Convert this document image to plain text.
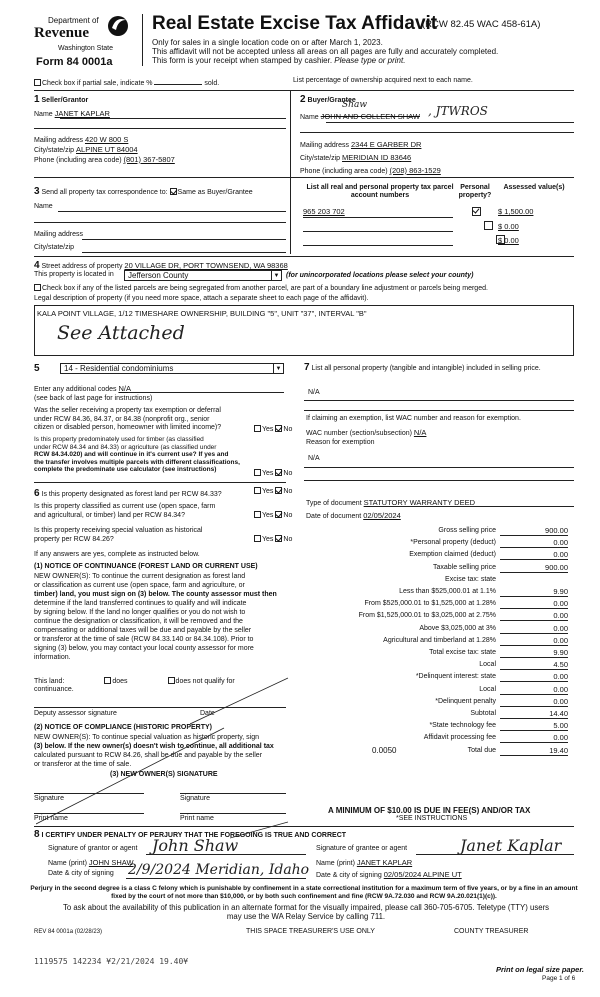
Department of
Revenue
Washington State
Form 84 0001a
Real Estate Excise Tax Affidavit
(RCW 82.45 WAC 458-61A)
Only for sales in a single location code on or after March 1, 2023.
This affidavit will not be accepted unless all areas on all pages are fully and accurately completed.
This form is your receipt when stamped by cashier. Please type or print.
Check box if partial sale, indicate %	sold.	List percentage of ownership acquired next to each name.
1 Seller/Grantor
Name JANET KAPLAR
Mailing address 420 W 800 S
City/state/zip ALPINE UT 84004
Phone (including area code) (801) 367-5807
2 Buyer/Grantee
Shaw
Name JOHN AND COLLEEN SHAW , JTWROS
Mailing address 2344 E GARBER DR
City/state/zip MERIDIAN ID 83646
Phone (including area code) (208) 863-1529
3 Send all property tax correspondence to: Same as Buyer/Grantee
Name
Mailing address
City/state/zip
List all real and personal property tax parcel account numbers
Personal property?
Assessed value(s)
965 203 702
	$ 1,500.00
$ 0.00
$ 0.00
4 Street address of property 20 VILLAGE DR, PORT TOWNSEND, WA 98368
This property is located in	Jefferson County	▼ (for unincorporated locations please select your county)
Check box if any of the listed parcels are being segregated from another parcel, are part of a boundary line adjustment or parcels being merged.
Legal description of property (if you need more space, attach a separate sheet to each page of the affidavit).
KALA POINT VILLAGE, 1/12 TIMESHARE OWNERSHIP, BUILDING "5", UNIT "37", INTERVAL "B"
See Attached
5	14 - Residential condominiums	▼
Enter any additional codes N/A
(see back of last page for instructions)
Was the seller receiving a property tax exemption or deferral
under RCW 84.36, 84.37, or 84.38 (nonprofit org., senior
citizen or disabled person, homeowner with limited income)?	Yes No
Is this property predominately used for timber (as classified
under RCW 84.34 and 84.33) or agriculture (as classified under
RCW 84.34.020) and will continue in it's current use? If yes and
the transfer involves multiple parcels with different classifications,
complete the predominate use calculator (see instructions)
Yes No
6 Is this property designated as forest land per RCW 84.33?	Yes No
Is this property classified as current use (open space, farm
and agricultural, or timber) land per RCW 84.34?	Yes No
Is this property receiving special valuation as historical
property per RCW 84.26?	Yes No
If any answers are yes, complete as instructed below.
(1) NOTICE OF CONTINUANCE (FOREST LAND OR CURRENT USE)
NEW OWNER(S): To continue the current designation as forest land
or classification as current use (open space, farm and agriculture, or
timber) land, you must sign on (3) below. The county assessor must then
determine if the land transferred continues to qualify and will indicate
by signing below. If the land no longer qualifies or you do not wish to
continue the designation or classification, it will be removed and the
compensating or additional taxes will be due and payable by the seller
or transferor at the time of sale (RCW 84.33.140 or 84.34.108). Prior to
signing (3) below, you may contact your local county assessor for more
information.
This land:	does	does not qualify for
continuance.
Deputy assessor signature	Date
(2) NOTICE OF COMPLIANCE (HISTORIC PROPERTY)
NEW OWNER(S): To continue special valuation as historic property, sign
(3) below. If the new owner(s) doesn't wish to continue, all additional tax
calculated pursuant to RCW 84.26, shall be due and payable by the seller
or transferor at the time of sale.
(3) NEW OWNER(S) SIGNATURE
Signature	Signature
Print name	Print name
7 List all personal property (tangible and intangible) included in selling price.
N/A
If claiming an exemption, list WAC number and reason for exemption.
WAC number (section/subsection) N/A
Reason for exemption
N/A
Type of document STATUTORY WARRANTY DEED
Date of document 02/05/2024
Gross selling price	900.00
*Personal property (deduct)	0.00
Exemption claimed (deduct)	0.00
Taxable selling price	900.00
Excise tax: state
Less than $525,000.01 at 1.1%	9.90
From $525,000.01 to $1,525,000 at 1.28%	0.00
From $1,525,000.01 to $3,025,000 at 2.75%	0.00
Above $3,025,000 at 3%	0.00
Agricultural and timberland at 1.28%	0.00
Total excise tax: state	9.90
Local	4.50
*Delinquent interest: state	0.00
Local	0.00
*Delinquent penalty	0.00
Subtotal	14.40
*State technology fee	5.00
Affidavit processing fee	0.00
Total due	19.40
0.0050
A MINIMUM OF $10.00 IS DUE IN FEE(S) AND/OR TAX
*SEE INSTRUCTIONS
8 I CERTIFY UNDER PENALTY OF PERJURY THAT THE FOREGOING IS TRUE AND CORRECT
Signature of grantor or agent John Shaw	Signature of grantee or agent	Janet Kaplar
Name (print) JOHN SHAW	Name (print) JANET KAPLAR
Date & city of signing 2/9/2024 Meridian, Idaho Date & city of signing 02/05/2024 ALPINE UT
Perjury in the second degree is a class C felony which is punishable by confinement in a state correctional institution for a maximum term of five years, or by a fine in an amount fixed by the court of not more than $10,000, or by both such confinement and fine (RCW 9A.72.030 and RCW 9A.20.021(1)(c)).
To ask about the availability of this publication in an alternate format for the visually impaired, please call 360-705-6705. Teletype (TTY) users may use the WA Relay Service by calling 711.
REV 84 0001a (02/28/23)	THIS SPACE TREASURER'S USE ONLY	COUNTY TREASURER
1119575 142234 ¥2/21/2024 19.40¥
Print on legal size paper.
Page 1 of 6
